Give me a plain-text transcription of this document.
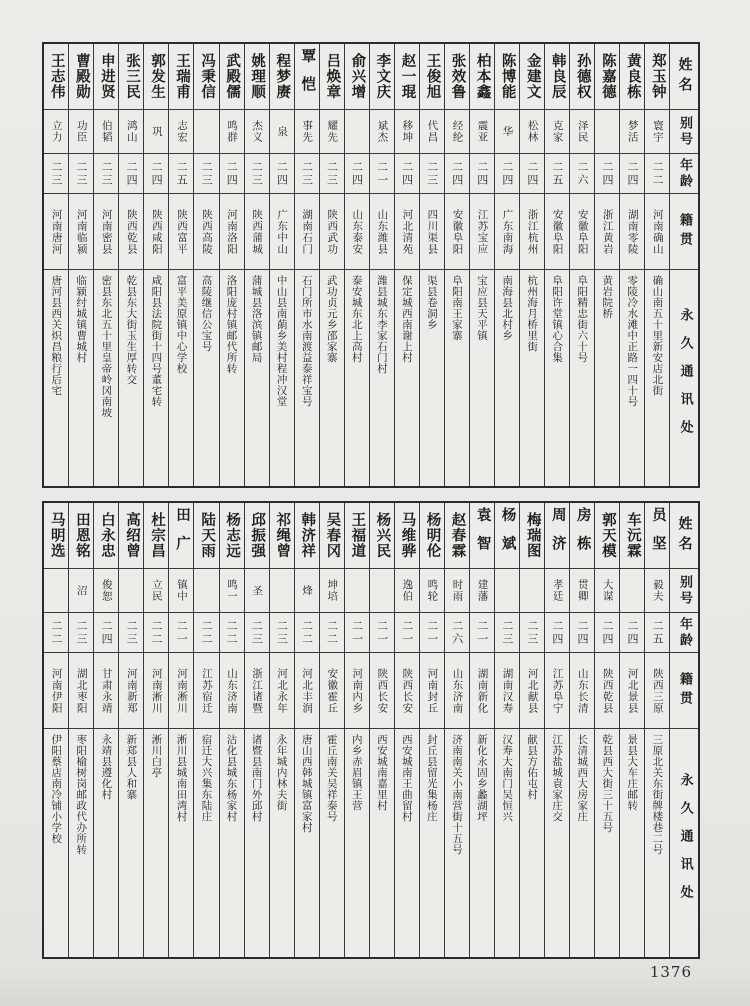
姓名
别号
年龄
籍贯
永久通讯处
郑玉钟
寰宇
二二
河南确山
确山南五十里新安店北街
黄良栋
梦活
二四
湖南零陵
零陵冷水滩中正路一四十号
陈嘉德
二四
浙江黄岩
黄岩院桥
孙德权
泽民
二六
安徽阜阳
阜阳精忠街六十号
韩良辰
克家
二五
安徽阜阳
阜阳许堂镇心合集
金建文
松林
二四
浙江杭州
杭州海月桥里街
陈博能
华
二四
广东南海
南海县北村乡
柏本鑫
震亚
二四
江苏宝应
宝应县天平镇
张效鲁
经纶
二四
安徽阜阳
阜阳南王家寨
王俊旭
代昌
二三
四川渠县
渠县卷洞乡
赵一琨
移坤
二四
河北清苑
保定城西南谢上村
李文庆
斌杰
二一
山东潍县
潍县城东李家石门村
俞兴增
二四
山东泰安
泰安城东北上高村
吕焕章
耀先
二三
陕西武功
武功贞元乡邵家寨
覃恺
事先
二三
湖南石门
石门所市水南渡益泰祥宝号
程梦赓
泉
二四
广东中山
中山县南蓢乡美村程冲汉堂
姚理顺
杰义
二三
陕西蒲城
蒲城县洛滨镇邮局
武殿儒
鸣群
二四
河南洛阳
洛阳庞村镇邮代所转
冯秉信
二三
陕西高陵
高陵继信公宝号
王瑞甫
志宏
二五
陕西富平
富平美原镇中心学校
郭发生
巩
二四
陕西咸阳
咸阳县法院街十四号董宅转
张三民
鸿山
二四
陕西乾县
乾县东大街玉生厚转交
申进贤
伯韬
二三
河南密县
密县东北五十里皇帝岭冈南坡
曹殿勋
功臣
二三
河南临颍
临颍纣城镇曹城村
王志伟
立力
二三
河南唐河
唐河县西关炽昌粮行后宅
姓名
别号
年龄
籍贯
永久通讯处
员坚
毅夫
二五
陕西三原
三原北关东街牌楼巷二号
车沅霖
二四
河北景县
景县大车庄邮转
郭天模
大谋
二四
陕西乾县
乾县西大街三十五号
房栋
贯卿
二四
山东长清
长清城西大房家庄
周济
孝廷
二四
江苏阜宁
江苏盐城袁家庄交
梅瑞图
二三
河北献县
献县方佑屯村
杨斌
二三
湖南汉寿
汉寿大南门吴恒兴
袁智
建藩
二一
湖南新化
新化永固乡蠡湖坪
赵春霖
时雨
二六
山东济南
济南南关小南营街十五号
杨明伦
鸣轮
二一
河南封丘
封丘县留光集杨庄
马维骅
逸伯
二一
陕西长安
西安城南王曲留村
杨兴民
二一
陕西长安
西安城南嘉里村
王福道
二一
河南内乡
内乡赤眉镇王营
吴春冈
坤培
二二
安徽霍丘
霍丘南关吴祥泰号
韩济祥
烽
二二
河北丰润
唐山西韩城镇富家村
祁绳曾
二三
河北永年
永年城内林夫街
邱振强
圣
二三
浙江诸暨
诸暨县南门外邱村
杨志远
鸣一
二二
山东济南
沾化县城东杨家村
陆天雨
二二
江苏宿迁
宿迁大兴集东陆庄
田广
镇中
二一
河南淅川
淅川县城南田湾村
杜宗昌
立民
二二
河南淅川
淅川白亭
高绍曾
二三
河南新郑
新郑县人和寨
白永忠
俊恕
二四
甘肃永靖
永靖县遵化村
田恩铭
沼
二三
湖北枣阳
枣阳榆树岗邮政代办所转
马明选
二二
河南伊阳
伊阳蔡店南冷铺小学校
1376
